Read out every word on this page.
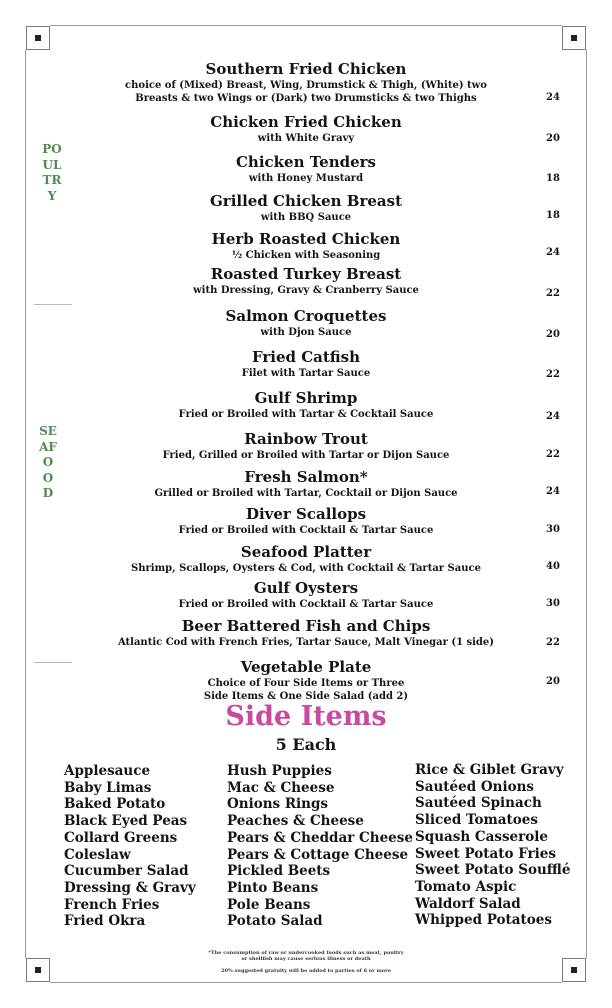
POULTRY
SEAFOOD
Southern Fried Chicken
choice of (Mixed) Breast, Wing, Drumstick & Thigh, (White) two Breasts & two Wings or (Dark) two Drumsticks & two Thighs	24
Chicken Fried Chicken
with White Gravy	20
Chicken Tenders
with Honey Mustard	18
Grilled Chicken Breast
with BBQ Sauce	18
Herb Roasted Chicken
½ Chicken with Seasoning	24
Roasted Turkey Breast
with Dressing, Gravy & Cranberry Sauce	22
Salmon Croquettes
with Djon Sauce	20
Fried Catfish
Filet with Tartar Sauce	22
Gulf Shrimp
Fried or Broiled with Tartar & Cocktail Sauce	24
Rainbow Trout
Fried, Grilled or Broiled with Tartar or Dijon Sauce	22
Fresh Salmon*
Grilled or Broiled with Tartar, Cocktail or Dijon Sauce	24
Diver Scallops
Fried or Broiled with Cocktail & Tartar Sauce	30
Seafood Platter
Shrimp, Scallops, Oysters & Cod, with Cocktail & Tartar Sauce	40
Gulf Oysters
Fried or Broiled with Cocktail & Tartar Sauce	30
Beer Battered Fish and Chips
Atlantic Cod with French Fries, Tartar Sauce, Malt Vinegar (1 side)	22
Vegetable Plate
Choice of Four Side Items or Three Side Items & One Side Salad (add 2)
20
Side Items
5 Each
Applesauce
Baby Limas
Baked Potato
Black Eyed Peas
Collard Greens
Coleslaw
Cucumber Salad
Dressing & Gravy
French Fries
Fried Okra
Hush Puppies
Mac & Cheese
Onions Rings
Peaches & Cheese
Pears & Cheddar Cheese
Pears & Cottage Cheese
Pickled Beets
Pinto Beans
Pole Beans
Potato Salad
Rice & Giblet Gravy
Sautéed Onions
Sautéed Spinach
Sliced Tomatoes
Squash Casserole
Sweet Potato Fries
Sweet Potato Soufflé
Tomato Aspic
Waldorf Salad
Whipped Potatoes
*The consumption of raw or undercooked foods such as meat, poultry or shellfish may cause serious illness or death
20% suggested gratuity will be added to parties of 6 or more
